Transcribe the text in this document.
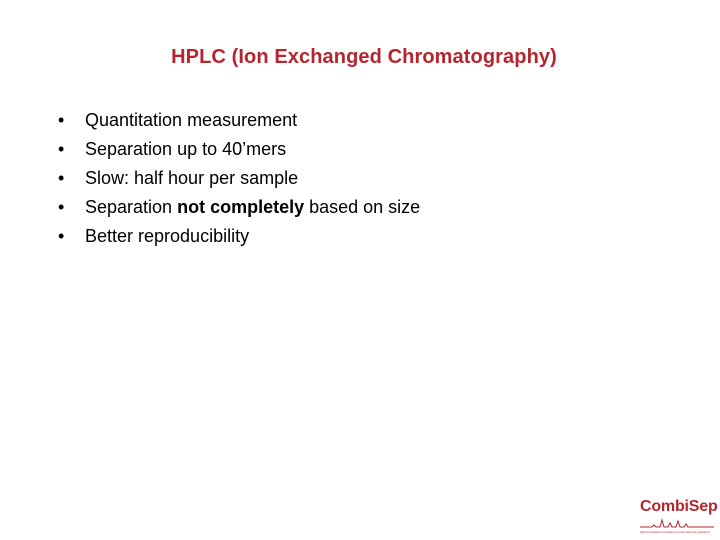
HPLC (Ion Exchanged Chromatography)
•	Quantitation measurement
•	Separation up to 40’mers
•	Slow: half hour per sample
•	Separation not completely based on size
•	Better reproducibility
CombiSep
high throughput innovation for life sciences research
